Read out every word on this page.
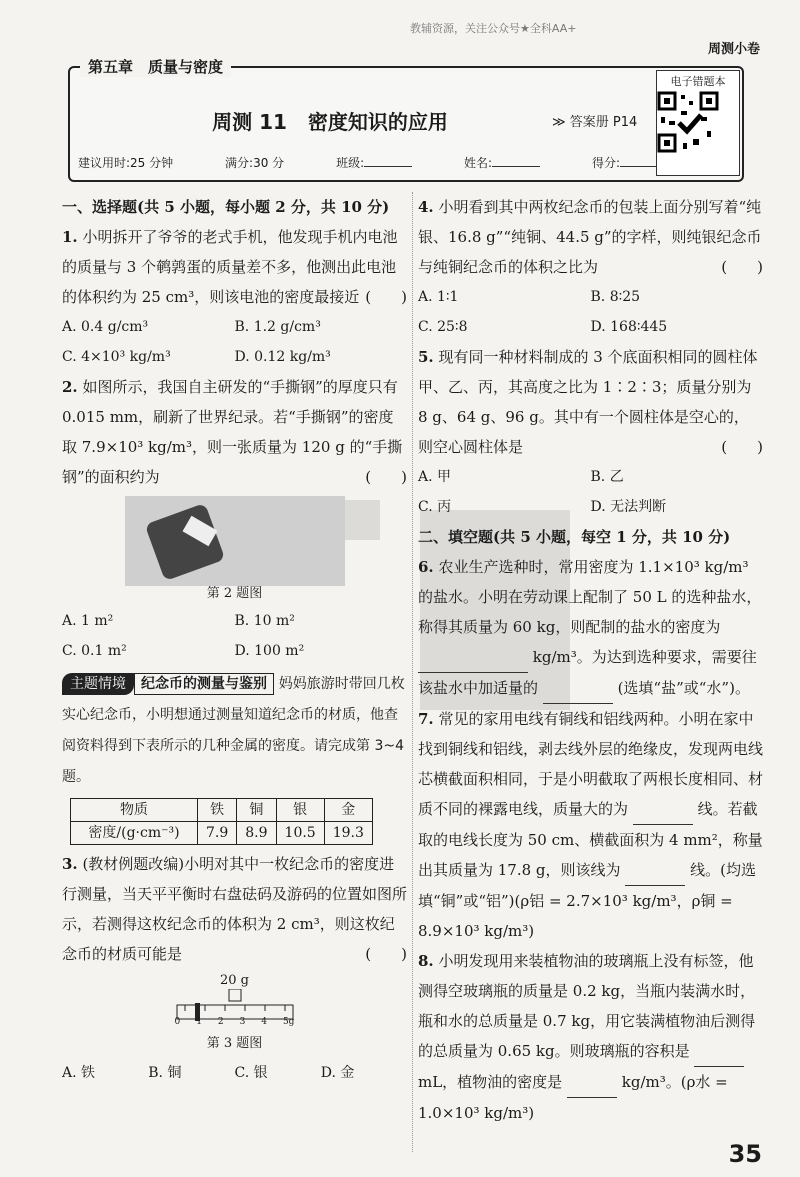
教辅资源，关注公众号★全科AA+
周测小卷
第五章　质量与密度
周测 11 密度知识的应用	≫ 答案册 P14
建议用时:25 分钟	满分:30 分	班级:	姓名:	得分:
电子错题本
一、选择题(共 5 小题，每小题 2 分，共 10 分)
1. 小明拆开了爷爷的老式手机，他发现手机内电池的质量与 3 个鹌鹑蛋的质量差不多，他测出此电池的体积约为 25 cm³，则该电池的密度最接近 (　　)
A. 0.4 g/cm³	B. 1.2 g/cm³
C. 4×10³ kg/m³	D. 0.12 kg/m³
2. 如图所示，我国自主研发的“手撕钢”的厚度只有 0.015 mm，刷新了世界纪录。若“手撕钢”的密度取 7.9×10³ kg/m³，则一张质量为 120 g 的“手撕钢”的面积约为	(　　)
第 2 题图
A. 1 m²	B. 10 m²
C. 0.1 m²	D. 100 m²
主题情境 纪念币的测量与鉴别 妈妈旅游时带回几枚实心纪念币，小明想通过测量知道纪念币的材质，他查阅资料得到下表所示的几种金属的密度。请完成第 3~4 题。
物质	铁	铜	银	金
密度/(g·cm⁻³)	7.9	8.9	10.5	19.3
3. (教材例题改编)小明对其中一枚纪念币的密度进行测量，当天平平衡时右盘砝码及游码的位置如图所示，若测得这枚纪念币的体积为 2 cm³，则这枚纪念币的材质可能是	(　　)
20 g
0 1 2 3 4 5g
第 3 题图
A. 铁	B. 铜	C. 银	D. 金
4. 小明看到其中两枚纪念币的包装上面分别写着“纯银、16.8 g”“纯铜、44.5 g”的字样，则纯银纪念币与纯铜纪念币的体积之比为	(　　)
A. 1∶1	B. 8∶25
C. 25∶8	D. 168∶445
5. 现有同一种材料制成的 3 个底面积相同的圆柱体甲、乙、丙，其高度之比为 1∶2∶3；质量分别为 8 g、64 g、96 g。其中有一个圆柱体是空心的，则空心圆柱体是	(　　)
A. 甲	B. 乙
C. 丙	D. 无法判断
二、填空题(共 5 小题，每空 1 分，共 10 分)
6. 农业生产选种时，常用密度为 1.1×10³ kg/m³ 的盐水。小明在劳动课上配制了 50 L 的选种盐水，称得其质量为 60 kg，则配制的盐水的密度为   kg/m³。为达到选种要求，需要往该盐水中加适量的	(选填“盐”或“水”)。
7. 常见的家用电线有铜线和铝线两种。小明在家中找到铜线和铝线，剥去线外层的绝缘皮，发现两电线芯横截面积相同，于是小明截取了两根长度相同、材质不同的裸露电线，质量大的为	线。若截取的电线长度为 50 cm、横截面积为 4 mm²，称量出其质量为 17.8 g，则该线为	线。(均选填“铜”或“铝”)(ρ铝 = 2.7×10³ kg/m³，ρ铜 = 8.9×10³ kg/m³)
8. 小明发现用来装植物油的玻璃瓶上没有标签，他测得空玻璃瓶的质量是 0.2 kg，当瓶内装满水时，瓶和水的总质量是 0.7 kg，用它装满植物油后测得的总质量为 0.65 kg。则玻璃瓶的容积是   mL，植物油的密度是	kg/m³。(ρ水 = 1.0×10³ kg/m³)
35
